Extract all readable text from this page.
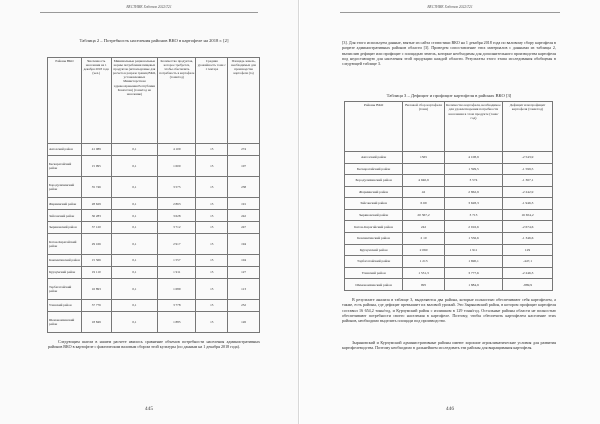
ВЕСТНИК Хоботов 2022/Т21
445
ВЕСТНИК Хоботов 2022/Т21
446
Таблица 2 – Потребность населения районов ВКО в картофеле на 2018 г. [2]
Районы ВКО	Численность населения на 1 декабря 2018 года (чел.)	Минимальные рациональные нормы потребления пищевых продуктов (используемые для расчета в разрезе границ ВКО, установленных Министерством здравоохранения Республики Казахстан) (тонн/год на население)	Количество продуктов, которое требуется, чтобы обеспечить потребность в картофеле (тонн/год)	Средняя урожайность тонн с 1 гектара	Площадь земель, необходимых для производства картофеля (га)
Аягозский район	41 089	0,1	4 109	15	274
Бескарагайский район	15 995	0,1	1 600	15	107
Бородулихинский район	35 746	0,1	3 575	15	238
Жарминский район	28 629	0,1	2 863	15	191
Зайсанский район	36 283	0,1	3 628	15	242
Зыряновский район	37 120	0,1	3 712	15	247
Катон-Карагайский район	29 166	0,1	2 917	15	194
Кокпектинский район	15 566	0,1	1 557	15	104
Курчумский район	19 110	0,1	1 911	15	127
Тарбагатайский район	16 893	0,1	1 689	15	113
Уланский район	37 776	0,1	3 778	15	252
Шемонаихинский район	18 849	0,1	1 885	15	126
Следующим шагом в нашем расчете явилось сравнение объемов потребности населения административных районов ВКО в картофеле с фактическим валовым сбором этой культуры (по данным на 1 декабря 2018 года).
[3]. Для этого используем данные, взятые из сайта статистики ВКО на 1 декабря 2018 года по валовому сбору картофеля в разрезе административных районов области [3]. Проведем сопоставление этих материалов с данными из таблицы 2, вычислив дефицит или профицит с площадью земель, которые необходимы для дополнительного производства картофеля под недостающую для населения этой продукции каждой области. Результаты этого этапа исследования обобщены в следующей таблице 3.
Таблица 3 – Дефицит и профицит картофеля в районах ВКО [3]
Районы ВКО	Валовой сбор картофеля (тонн)	Количество картофеля, необходимое для удовлетворения потребности населения в этом продукте (тонн/год)	Дефицит или профицит картофеля (тонн/год)
Аягозский район	1565	4 108,9	-2 543,9
Бескарагайский район		1 599,5	-1 599,5
Бородулихинский район	4 940,9	3 574	-1 367,1
Жарминский район	42	2 862,9	-2 242,9
Зайсанский район	6 69	3 628,3	-1 946,3
Зыряновский район	20 367,2	3 713	16 654,2
Катон-Карагайский район	242	2 916,6	-2 674,6
Кокпектинский район	2 10	1 556,6	-1 346,6
Курчумский район	2 060	1 911	129
Тарбагатайский район	1 213	1 690,1	-447,1
Уланский район	1 531,3	3 777,6	-2 246,3
Шемонаихинский район	995	1 884,9	-889,9
В результате анализа в таблице 3, выделяются два района, которые полностью обеспечивают себя картофелем, а также, есть районы, где дефицит превышает их валовой урожай. Это Зыряновский район, в котором профицит картофеля составил 16 654,2 тонн/год, и Курчумский район с излишком в 129 тонн/год. Остальные районы области не полностью обеспечивают потребности своего населения в картофеле. Поэтому, чтобы обеспечить картофелем население этих районов, необходимо выделить площади под производство.
Зыряновский и Курчумский административные районы имеют хорошие агроклиматические условия для развития картофелеводства. Поэтому необходимо в дальнейшем исследовать эти районы для выращивания картофеля.
